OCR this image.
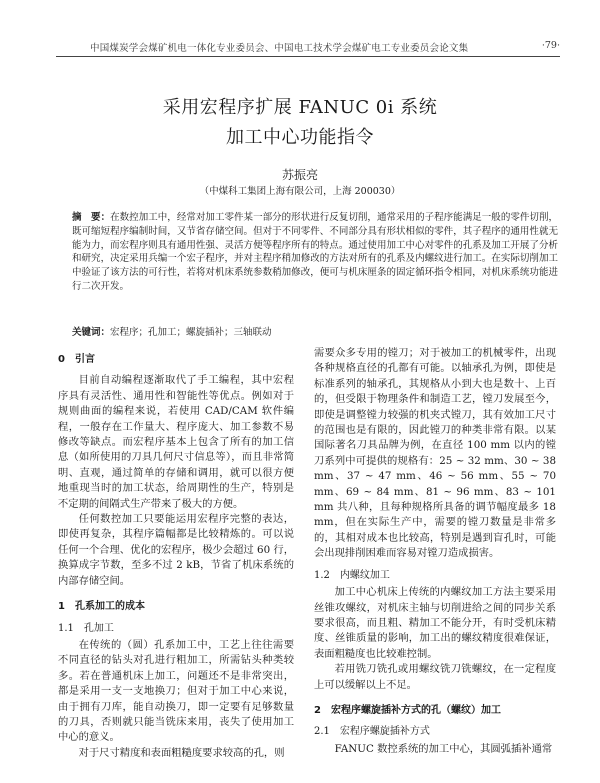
中国煤炭学会煤矿机电一体化专业委员会、中国电工技术学会煤矿电工专业委员会论文集	·79·
采用宏程序扩展 FANUC 0i 系统
加工中心功能指令
苏振亮
（中煤科工集团上海有限公司，上海 200030）
摘　要：在数控加工中，经常对加工零件某一部分的形状进行反复切削，通常采用的子程序能满足一般的零件切削，既可缩短程序编制时间，又节省存储空间。但对于不同零件、不同部分具有形状相似的零件，其子程序的通用性就无能为力，而宏程序则具有通用性强、灵活方便等程序所有的特点。通过使用加工中心对零件的孔系及加工开展了分析和研究，决定采用兵编一个宏子程序，并对主程序稍加修改的方法对所有的孔系及内螺纹进行加工。在实际切削加工中验证了该方法的可行性，若将对机床系统参数稍加修改，便可与机床厘条的固定循环指令相同，对机床系统功能进行二次开发。
关键词：宏程序；孔加工；螺旋插补；三轴联动
0　引言

目前自动编程逐渐取代了手工编程，其中宏程序具有灵活性、通用性和智能性等优点。例如对于规则曲面的编程来说，若使用 CAD/CAM 软件编程，一般存在工作量大、程序庞大、加工参数不易修改等缺点。而宏程序基本上包含了所有的加工信息（如所使用的刀具几何尺寸信息等），而且非常简明、直观，通过简单的存储和调用，就可以很方便地重现当时的加工状态，给周期性的生产，特别是不定期的间隔式生产带来了极大的方便。

任何数控加工只要能运用宏程序完整的表达，即使再复杂，其程序篇幅都是比较精炼的。可以说任何一个合理、优化的宏程序，极少会超过 60 行，换算成字节数，至多不过 2 kB，节省了机床系统的内部存储空间。

1　孔系加工的成本
1.1　孔加工

在传统的（圆）孔系加工中，工艺上往往需要不同直径的钻头对孔进行粗加工，所需钻头种类较多。若在普通机床上加工，问题还不是非常突出，都是采用一支一支地换刀；但对于加工中心来说，由于拥有刀库，能自动换刀，即一定要有足够数量的刀具，否则就只能当铣床来用，丧失了使用加工中心的意义。

对于尺寸精度和表面粗糙度要求较高的孔，则

需要众多专用的镗刀；对于被加工的机械零件，出现各种规格直径的孔都有可能。以轴承孔为例，即使是标准系列的轴承孔，其规格从小到大也是数十、上百的，但受限于物理条件和制造工艺，镗刀发展至今，即使是调整镗力较强的机夹式镗刀，其有效加工尺寸的范围也是有限的，因此镗刀的种类非常有限。以某国际著名刀具品牌为例，在直径 100 mm 以内的镗刀系列中可提供的规格有：25 ~ 32 mm、30 ~ 38 mm、37 ~ 47 mm、46 ~ 56 mm、55 ~ 70 mm、69 ~ 84 mm、81 ~ 96 mm、83 ~ 101 mm 共八种，且每种规格所具备的调节幅度最多 18 mm，但在实际生产中，需要的镗刀数量是非常多的，其相对成本也比较高，特别是遇到盲孔时，可能会出现排削困难而容易对镗刀造成损害。

1.2　内螺纹加工

加工中心机床上传统的内螺纹加工方法主要采用丝锥攻螺纹，对机床主轴与切削进给之间的同步关系要求很高，而且粗、精加工不能分开，有时受机床精度、丝锥质量的影响，加工出的螺纹精度很难保证，表面粗糙度也比较难控制。

若用铣刀铣孔或用螺纹铣刀铣螺纹，在一定程度上可以缓解以上不足。

2　宏程序螺旋插补方式的孔（螺纹）加工
2.1　宏程序螺旋插补方式

FANUC 数控系统的加工中心，其圆弧插补通常
